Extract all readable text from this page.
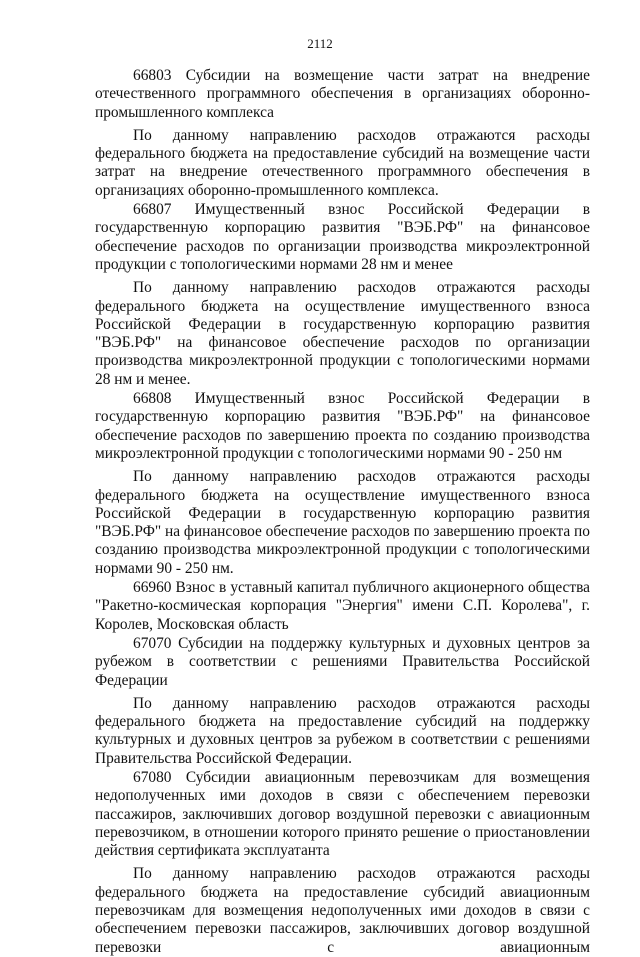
2112

66803 Субсидии на возмещение части затрат на внедрение отечественного программного обеспечения в организациях оборонно-промышленного комплекса

По данному направлению расходов отражаются расходы федерального бюджета на предоставление субсидий на возмещение части затрат на внедрение отечественного программного обеспечения в организациях оборонно-промышленного комплекса.

66807 Имущественный взнос Российской Федерации в государственную корпорацию развития "ВЭБ.РФ" на финансовое обеспечение расходов по организации производства микроэлектронной продукции с топологическими нормами 28 нм и менее

По данному направлению расходов отражаются расходы федерального бюджета на осуществление имущественного взноса Российской Федерации в государственную корпорацию развития "ВЭБ.РФ" на финансовое обеспечение расходов по организации производства микроэлектронной продукции с топологическими нормами 28 нм и менее.

66808 Имущественный взнос Российской Федерации в государственную корпорацию развития "ВЭБ.РФ" на финансовое обеспечение расходов по завершению проекта по созданию производства микроэлектронной продукции с топологическими нормами 90 - 250 нм

По данному направлению расходов отражаются расходы федерального бюджета на осуществление имущественного взноса Российской Федерации в государственную корпорацию развития "ВЭБ.РФ" на финансовое обеспечение расходов по завершению проекта по созданию производства микроэлектронной продукции с топологическими нормами 90 - 250 нм.

66960 Взнос в уставный капитал публичного акционерного общества "Ракетно-космическая корпорация "Энергия" имени С.П. Королева", г. Королев, Московская область

67070 Субсидии на поддержку культурных и духовных центров за рубежом в соответствии с решениями Правительства Российской Федерации

По данному направлению расходов отражаются расходы федерального бюджета на предоставление субсидий на поддержку культурных и духовных центров за рубежом в соответствии с решениями Правительства Российской Федерации.

67080 Субсидии авиационным перевозчикам для возмещения недополученных ими доходов в связи с обеспечением перевозки пассажиров, заключивших договор воздушной перевозки с авиационным перевозчиком, в отношении которого принято решение о приостановлении действия сертификата эксплуатанта

По данному направлению расходов отражаются расходы федерального бюджета на предоставление субсидий авиационным перевозчикам для возмещения недополученных ими доходов в связи с обеспечением перевозки пассажиров, заключивших договор воздушной перевозки с авиационным
